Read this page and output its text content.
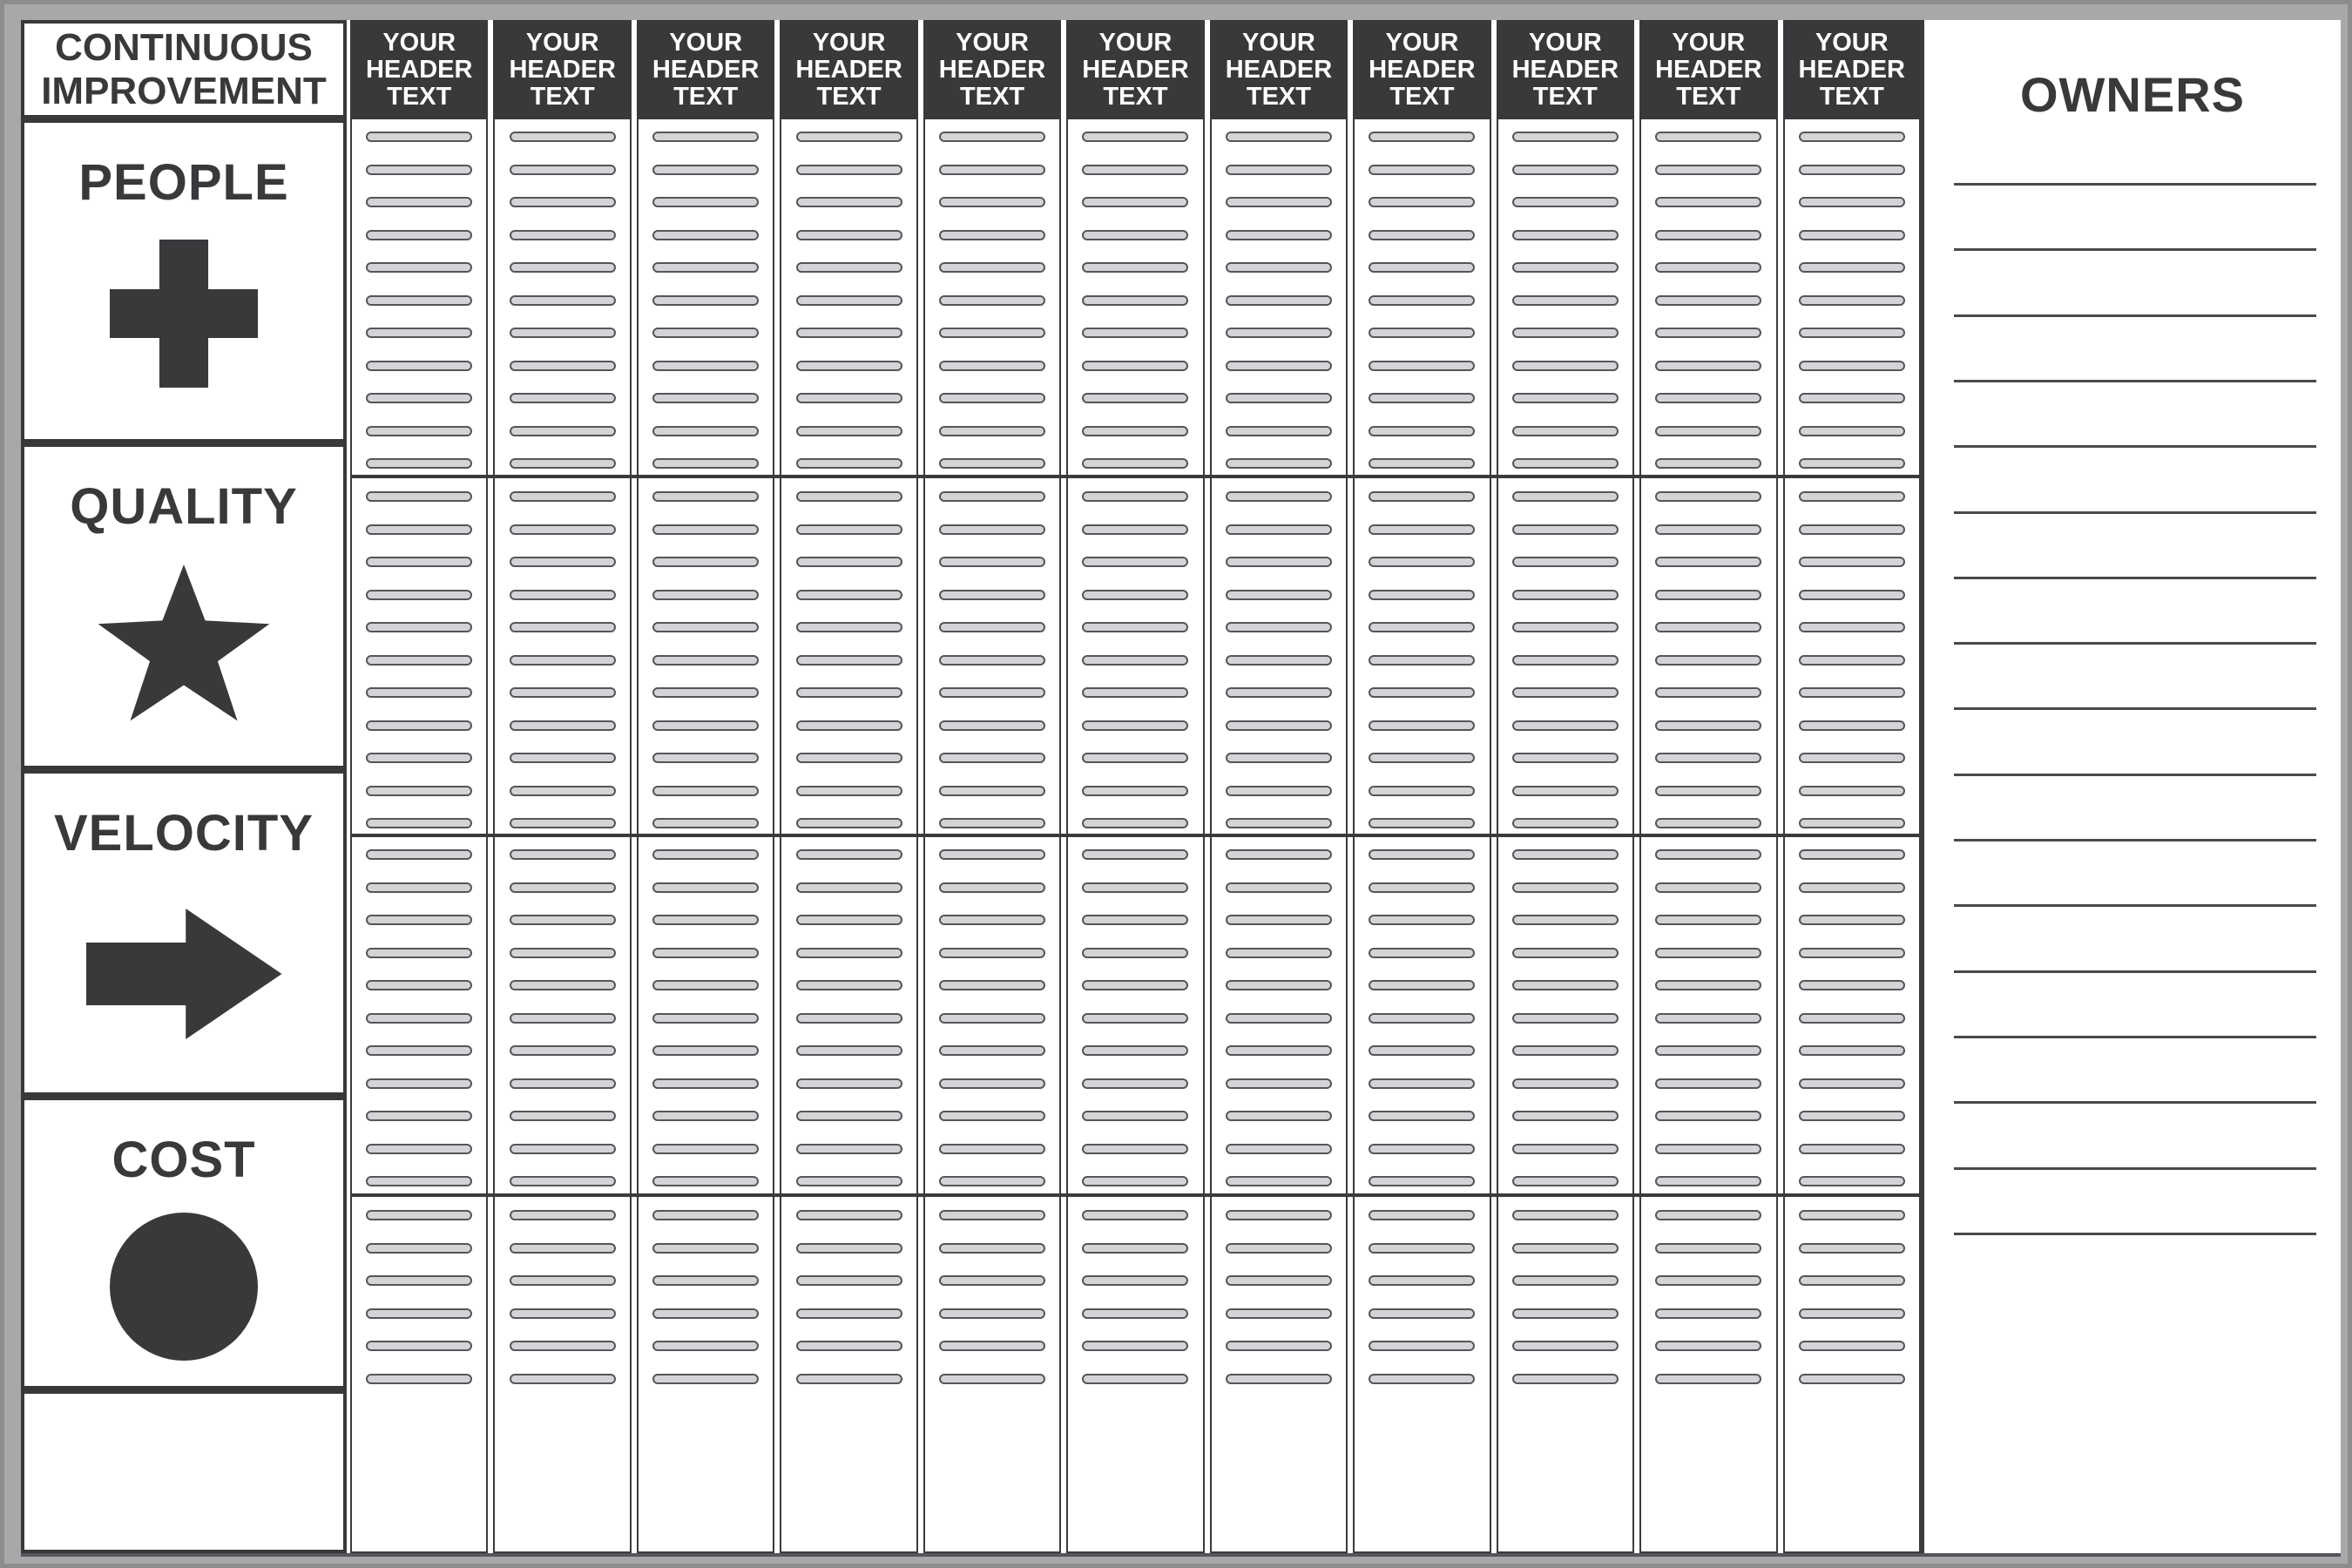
CONTINUOUS
IMPROVEMENT
PEOPLE
QUALITY
VELOCITY
COST
YOUR
HEADER
TEXT
YOUR
HEADER
TEXT
YOUR
HEADER
TEXT
YOUR
HEADER
TEXT
YOUR
HEADER
TEXT
YOUR
HEADER
TEXT
YOUR
HEADER
TEXT
YOUR
HEADER
TEXT
YOUR
HEADER
TEXT
YOUR
HEADER
TEXT
YOUR
HEADER
TEXT	OWNERS
